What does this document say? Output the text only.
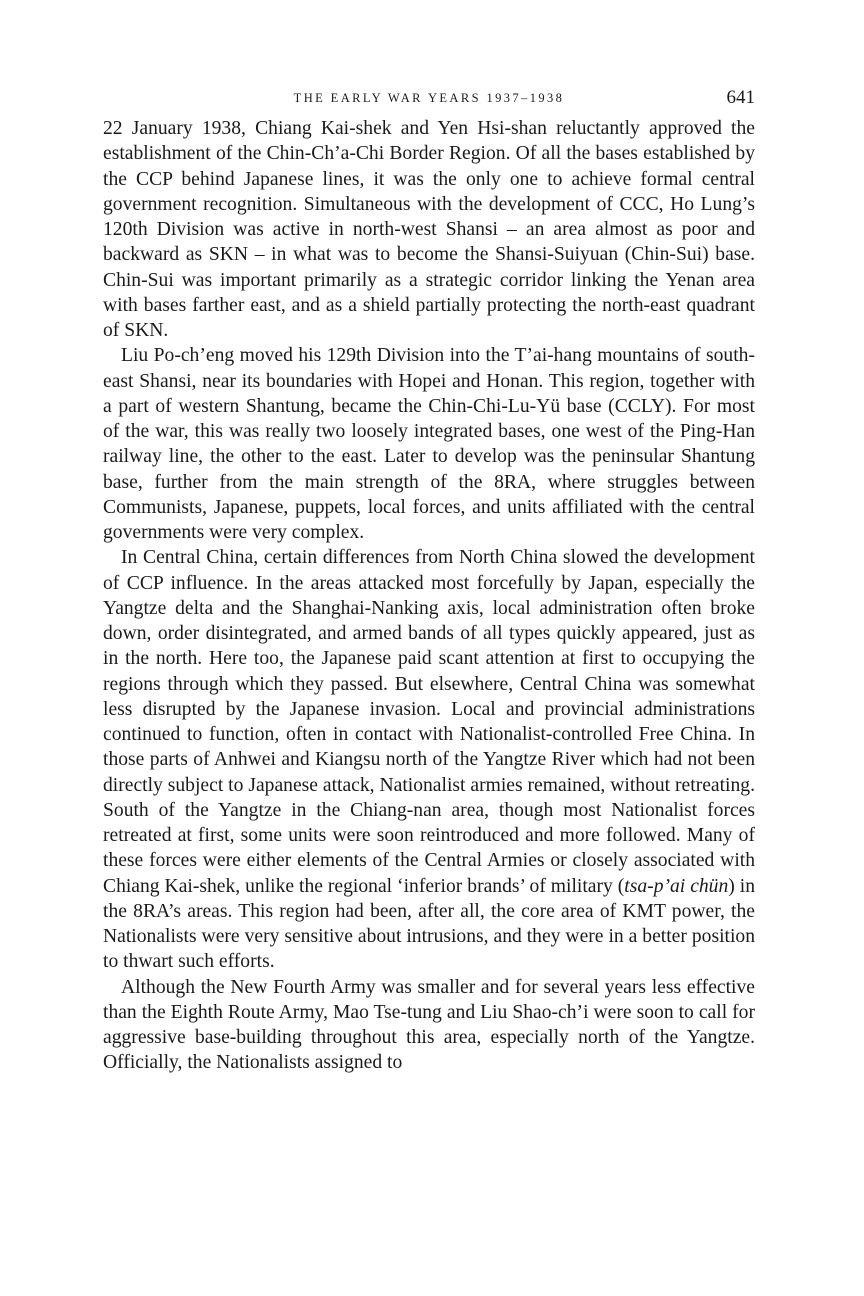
THE EARLY WAR YEARS 1937–1938	641

22 January 1938, Chiang Kai-shek and Yen Hsi-shan reluctantly approved the establishment of the Chin-Ch’a-Chi Border Region. Of all the bases established by the CCP behind Japanese lines, it was the only one to achieve formal central government recognition. Simultaneous with the development of CCC, Ho Lung’s 120th Division was active in north-west Shansi – an area almost as poor and backward as SKN – in what was to become the Shansi-Suiyuan (Chin-Sui) base. Chin-Sui was important primarily as a strategic corridor linking the Yenan area with bases farther east, and as a shield partially protecting the north-east quadrant of SKN.

Liu Po-ch’eng moved his 129th Division into the T’ai-hang mountains of south-east Shansi, near its boundaries with Hopei and Honan. This region, together with a part of western Shantung, became the Chin-Chi-Lu-Yü base (CCLY). For most of the war, this was really two loosely integrated bases, one west of the Ping-Han railway line, the other to the east. Later to develop was the peninsular Shantung base, further from the main strength of the 8RA, where struggles between Communists, Japanese, puppets, local forces, and units affiliated with the central governments were very complex.

In Central China, certain differences from North China slowed the development of CCP influence. In the areas attacked most forcefully by Japan, especially the Yangtze delta and the Shanghai-Nanking axis, local administration often broke down, order disintegrated, and armed bands of all types quickly appeared, just as in the north. Here too, the Japanese paid scant attention at first to occupying the regions through which they passed. But elsewhere, Central China was somewhat less disrupted by the Japanese invasion. Local and provincial administrations continued to function, often in contact with Nationalist-controlled Free China. In those parts of Anhwei and Kiangsu north of the Yangtze River which had not been directly subject to Japanese attack, Nationalist armies remained, without retreating. South of the Yangtze in the Chiang-nan area, though most Nationalist forces retreated at first, some units were soon reintroduced and more followed. Many of these forces were either elements of the Central Armies or closely associated with Chiang Kai-shek, unlike the regional ‘inferior brands’ of military (tsa-p’ai chün) in the 8RA’s areas. This region had been, after all, the core area of KMT power, the Nationalists were very sensitive about intrusions, and they were in a better position to thwart such efforts.

Although the New Fourth Army was smaller and for several years less effective than the Eighth Route Army, Mao Tse-tung and Liu Shao-ch’i were soon to call for aggressive base-building throughout this area, especially north of the Yangtze. Officially, the Nationalists assigned to
